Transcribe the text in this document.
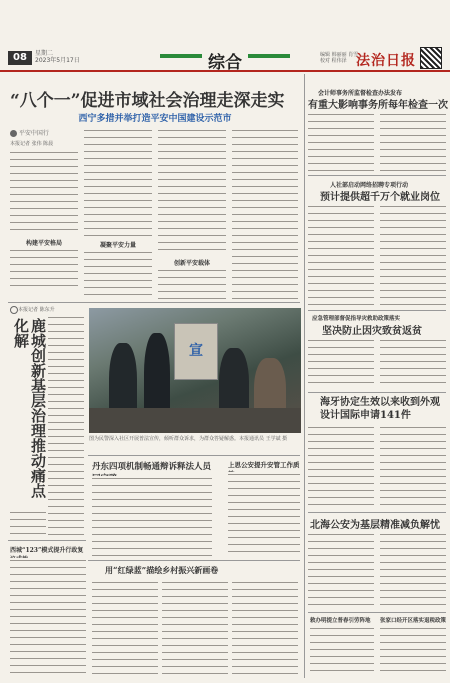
08	星期二
2023年5月17日	综合	编辑 韩丽丽 肖雪
校对 程伟泽 法治日报
“八个一”促进市域社会治理走深走实
西宁多措并举打造平安中国建设示范市
平安中国行
本报记者 张伟 陈晨
构建平安格局	凝聚平安力量
创新平安载体
本报记者 陈东升
鹿城创新基层治理推动痛点化解
宣
图为民警深入社区开展普法宣传，倾听群众诉求，为群众答疑解惑。本报通讯员 王学斌 摄
丹东四项机制畅通辩诉释法人员	上思公安提升安管工作质
用“红绿蓝”描绘乡村振兴新画卷
西城“123”模式提升行政复
会计师事务所监督检查办法发布
有重大影响事务所每年检查一次
人社部启动网络招聘专项行动
预计提供超千万个就业岗位
应急管理部督促指导灾救助政策落实
坚决防止因灾致贫返贫
海牙协定生效以来收到外观设计国际申请141件
北海公安为基层精准减负解忧
敕办明提立普春引劳阵地	张家口经开区落实退税政策
